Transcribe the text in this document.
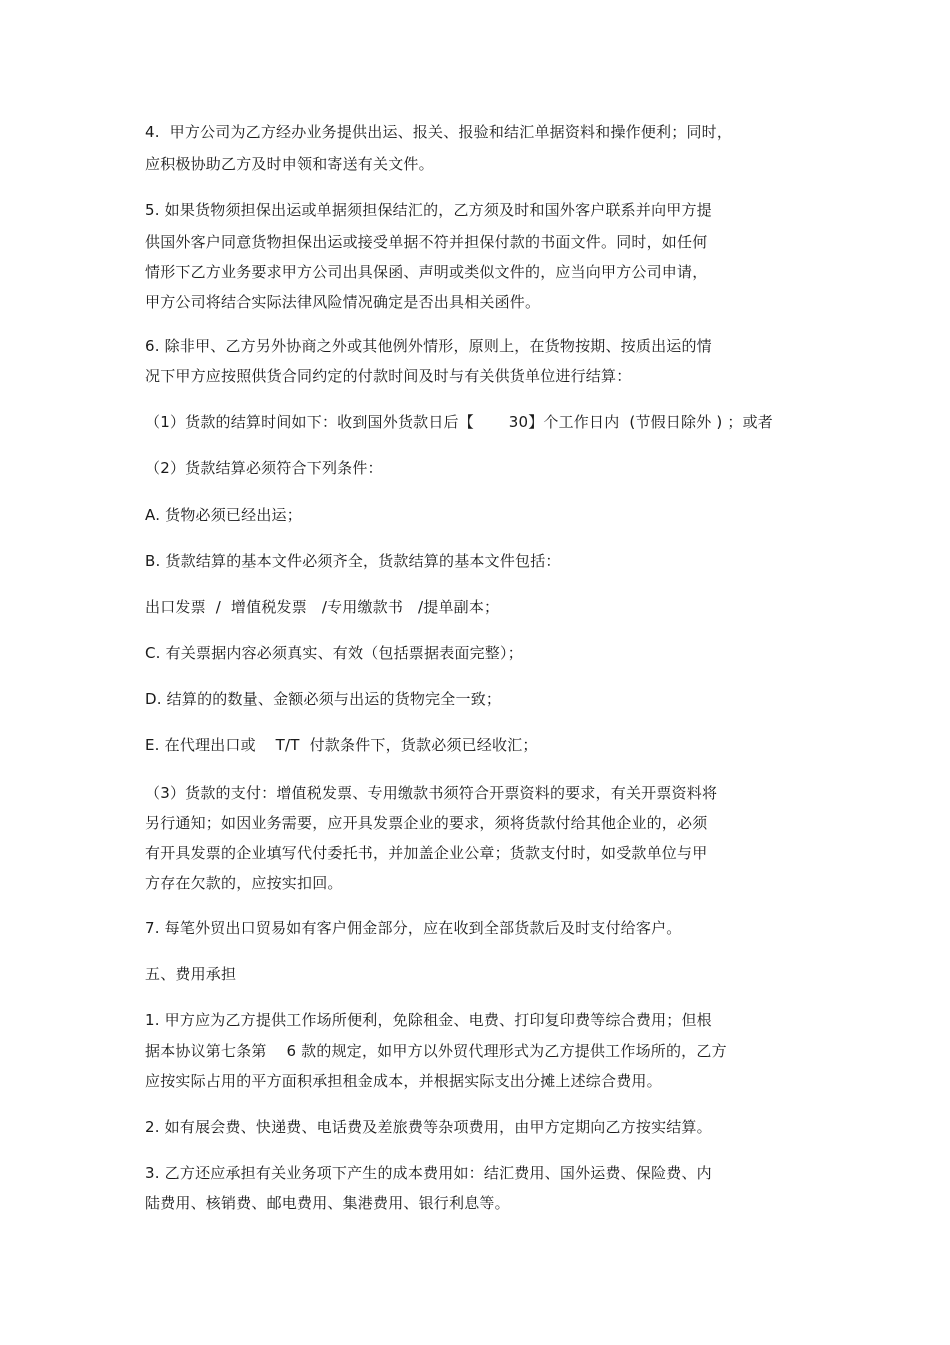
4.  甲方公司为乙方经办业务提供出运、报关、报验和结汇单据资料和操作便利；同时，
应积极协助乙方及时申领和寄送有关文件。
5. 如果货物须担保出运或单据须担保结汇的，乙方须及时和国外客户联系并向甲方提
供国外客户同意货物担保出运或接受单据不符并担保付款的书面文件。同时，如任何
情形下乙方业务要求甲方公司出具保函、声明或类似文件的，应当向甲方公司申请，
甲方公司将结合实际法律风险情况确定是否出具相关函件。
6. 除非甲、乙方另外协商之外或其他例外情形，原则上，在货物按期、按质出运的情
况下甲方应按照供货合同约定的付款时间及时与有关供货单位进行结算：
（1）货款的结算时间如下：收到国外货款日后【       30】个工作日内  (节假日除外 ) ；或者
（2）货款结算必须符合下列条件：
A. 货物必须已经出运；
B. 货款结算的基本文件必须齐全，货款结算的基本文件包括：
出口发票  /  增值税发票   /专用缴款书   /提单副本；
C. 有关票据内容必须真实、有效（包括票据表面完整）；
D. 结算的的数量、金额必须与出运的货物完全一致；
E. 在代理出口或    T/T  付款条件下，货款必须已经收汇；
（3）货款的支付：增值税发票、专用缴款书须符合开票资料的要求，有关开票资料将
另行通知；如因业务需要，应开具发票企业的要求，须将货款付给其他企业的，必须
有开具发票的企业填写代付委托书，并加盖企业公章；货款支付时，如受款单位与甲
方存在欠款的，应按实扣回。
7. 每笔外贸出口贸易如有客户佣金部分，应在收到全部货款后及时支付给客户。
五、费用承担
1. 甲方应为乙方提供工作场所便利，免除租金、电费、打印复印费等综合费用；但根
据本协议第七条第    6 款的规定，如甲方以外贸代理形式为乙方提供工作场所的，乙方
应按实际占用的平方面积承担租金成本，并根据实际支出分摊上述综合费用。
2. 如有展会费、快递费、电话费及差旅费等杂项费用，由甲方定期向乙方按实结算。
3. 乙方还应承担有关业务项下产生的成本费用如：结汇费用、国外运费、保险费、内
陆费用、核销费、邮电费用、集港费用、银行利息等。
